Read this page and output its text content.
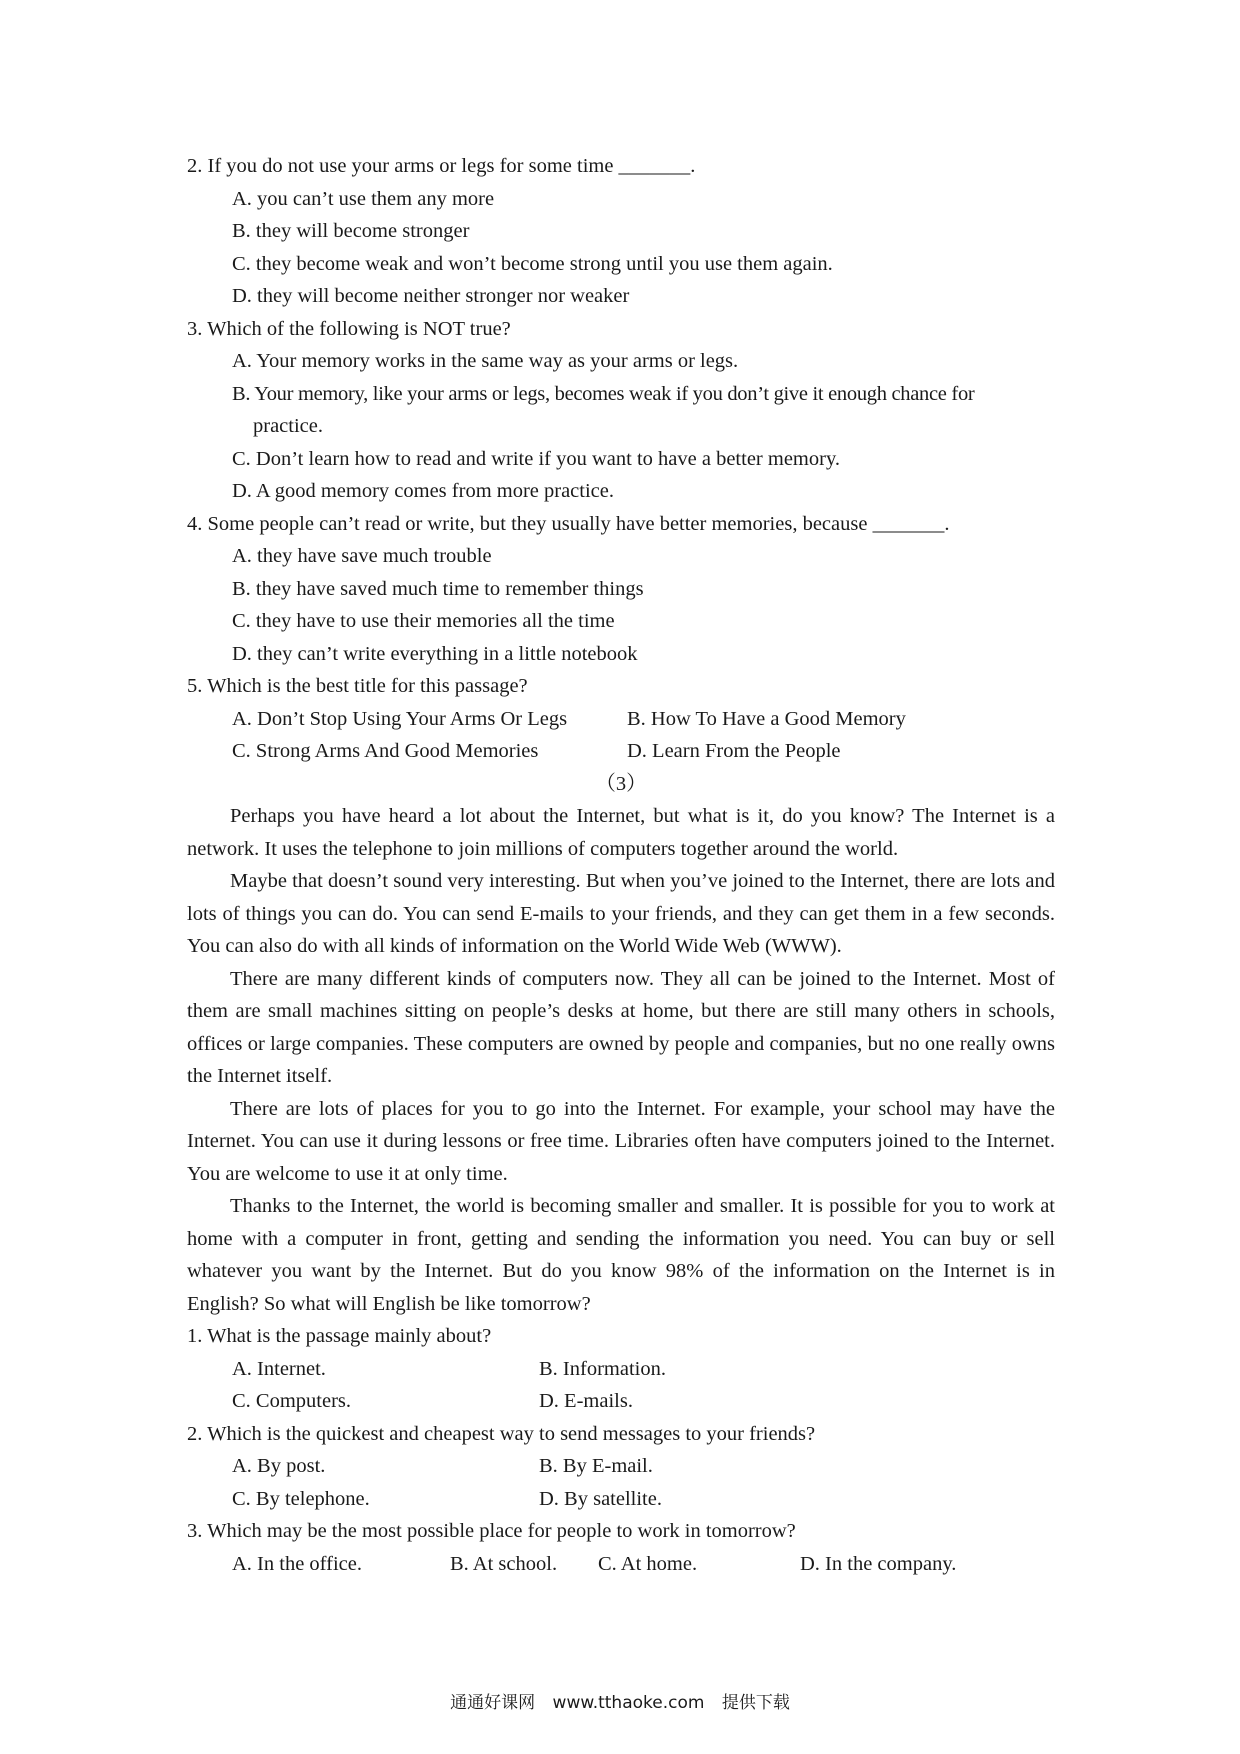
2. If you do not use your arms or legs for some time _______.
A. you can’t use them any more
B. they will become stronger
C. they become weak and won’t become strong until you use them again.
D. they will become neither stronger nor weaker
3. Which of the following is NOT true?
A. Your memory works in the same way as your arms or legs.
B. Your memory, like your arms or legs, becomes weak if you don’t give it enough chance for
practice.
C. Don’t learn how to read and write if you want to have a better memory.
D. A good memory comes from more practice.
4. Some people can’t read or write, but they usually have better memories, because _______.
A. they have save much trouble
B. they have saved much time to remember things
C. they have to use their memories all the time
D. they can’t write everything in a little notebook
5. Which is the best title for this passage?
A. Don’t Stop Using Your Arms Or Legs	B. How To Have a Good Memory
C. Strong Arms And Good Memories	D. Learn From the People
（3）

Perhaps you have heard a lot about the Internet, but what is it, do you know? The Internet is a network. It uses the telephone to join millions of computers together around the world.

Maybe that doesn’t sound very interesting. But when you’ve joined to the Internet, there are lots and lots of things you can do. You can send E-mails to your friends, and they can get them in a few seconds. You can also do with all kinds of information on the World Wide Web (WWW).

There are many different kinds of computers now. They all can be joined to the Internet. Most of them are small machines sitting on people’s desks at home, but there are still many others in schools, offices or large companies. These computers are owned by people and companies, but no one really owns the Internet itself.

There are lots of places for you to go into the Internet. For example, your school may have the Internet. You can use it during lessons or free time. Libraries often have computers joined to the Internet. You are welcome to use it at only time.

Thanks to the Internet, the world is becoming smaller and smaller. It is possible for you to work at home with a computer in front, getting and sending the information you need. You can buy or sell whatever you want by the Internet. But do you know 98% of the information on the Internet is in English? So what will English be like tomorrow?

1. What is the passage mainly about?
A. Internet.	B. Information.
C. Computers.	D. E-mails.
2. Which is the quickest and cheapest way to send messages to your friends?
A. By post.	B. By E-mail.
C. By telephone.	D. By satellite.
3. Which may be the most possible place for people to work in tomorrow?
A. In the office.	B. At school.	C. At home.	D. In the company.
通通好课网 www.tthaoke.com 提供下载
